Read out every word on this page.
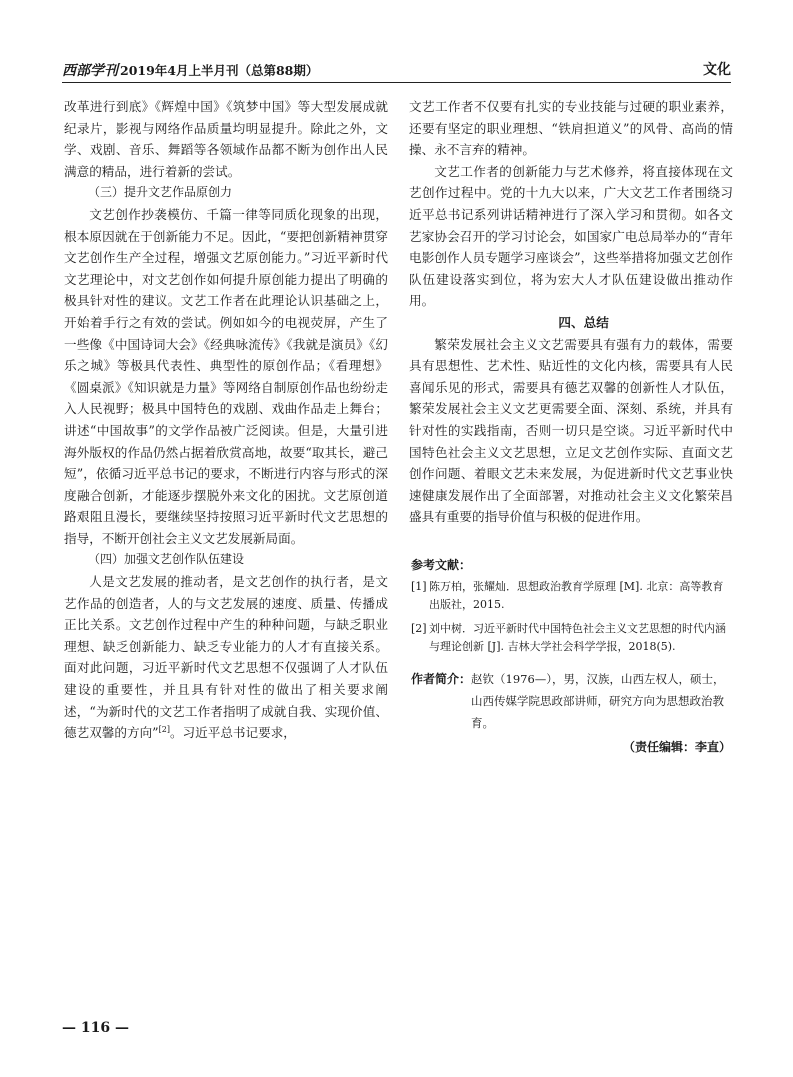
西部学刊 2019年4月上半月刊（总第88期）	文化

改革进行到底》《辉煌中国》《筑梦中国》等大型发展成就纪录片，影视与网络作品质量均明显提升。除此之外，文学、戏剧、音乐、舞蹈等各领域作品都不断为创作出人民满意的精品，进行着新的尝试。

（三）提升文艺作品原创力

文艺创作抄袭模仿、千篇一律等同质化现象的出现，根本原因就在于创新能力不足。因此，“要把创新精神贯穿文艺创作生产全过程，增强文艺原创能力。”习近平新时代文艺理论中，对文艺创作如何提升原创能力提出了明确的极具针对性的建议。文艺工作者在此理论认识基础之上，开始着手行之有效的尝试。例如如今的电视荧屏，产生了一些像《中国诗词大会》《经典咏流传》《我就是演员》《幻乐之城》等极具代表性、典型性的原创作品；《看理想》《圆桌派》《知识就是力量》等网络自制原创作品也纷纷走入人民视野；极具中国特色的戏剧、戏曲作品走上舞台；讲述“中国故事”的文学作品被广泛阅读。但是，大量引进海外版权的作品仍然占据着欣赏高地，故要“取其长，避己短”，依循习近平总书记的要求，不断进行内容与形式的深度融合创新，才能逐步摆脱外来文化的困扰。文艺原创道路艰阻且漫长，要继续坚持按照习近平新时代文艺思想的指导，不断开创社会主义文艺发展新局面。

（四）加强文艺创作队伍建设

人是文艺发展的推动者，是文艺创作的执行者，是文艺作品的创造者，人的与文艺发展的速度、质量、传播成正比关系。文艺创作过程中产生的种种问题，与缺乏职业理想、缺乏创新能力、缺乏专业能力的人才有直接关系。面对此问题，习近平新时代文艺思想不仅强调了人才队伍建设的重要性，并且具有针对性的做出了相关要求阐述，“为新时代的文艺工作者指明了成就自我、实现价值、德艺双馨的方向”[2]。习近平总书记要求，

文艺工作者不仅要有扎实的专业技能与过硬的职业素养，还要有坚定的职业理想、“铁肩担道义”的风骨、高尚的情操、永不言弃的精神。

文艺工作者的创新能力与艺术修养，将直接体现在文艺创作过程中。党的十九大以来，广大文艺工作者围绕习近平总书记系列讲话精神进行了深入学习和贯彻。如各文艺家协会召开的学习讨论会，如国家广电总局举办的“青年电影创作人员专题学习座谈会”，这些举措将加强文艺创作队伍建设落实到位，将为宏大人才队伍建设做出推动作用。

四、总结

繁荣发展社会主义文艺需要具有强有力的载体，需要具有思想性、艺术性、贴近性的文化内核，需要具有人民喜闻乐见的形式，需要具有德艺双馨的创新性人才队伍，繁荣发展社会主义文艺更需要全面、深刻、系统，并具有针对性的实践指南，否则一切只是空谈。习近平新时代中国特色社会主义文艺思想，立足文艺创作实际、直面文艺创作问题、着眼文艺未来发展，为促进新时代文艺事业快速健康发展作出了全面部署，对推动社会主义文化繁荣昌盛具有重要的指导价值与积极的促进作用。

参考文献：
[1] 陈万柏，张耀灿．思想政治教育学原理 [M]. 北京：高等教育出版社，2015.
[2] 刘中树．习近平新时代中国特色社会主义文艺思想的时代内涵与理论创新 [J]. 吉林大学社会科学学报，2018(5).
作者简介： 赵钦（1976—），男，汉族，山西左权人，硕士，山西传媒学院思政部讲师，研究方向为思想政治教育。
（责任编辑：李直）
— 116 —
